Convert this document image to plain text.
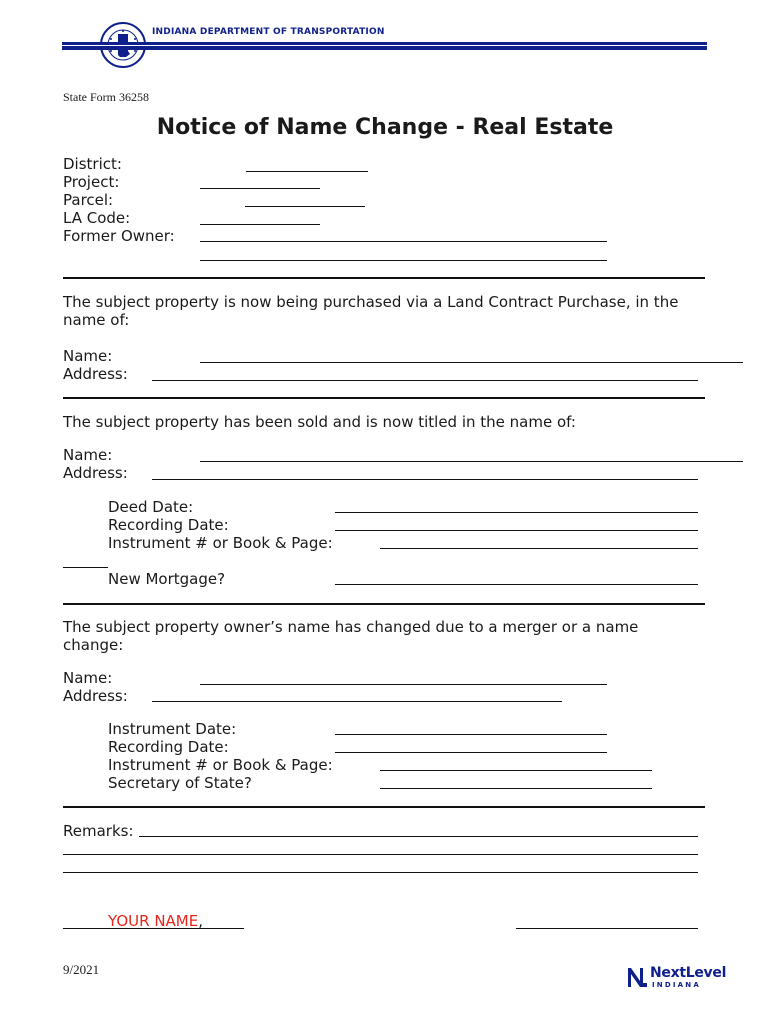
INDIANA DEPARTMENT OF TRANSPORTATION
State Form 36258
Notice of Name Change - Real Estate
District:
Project:
Parcel:
LA Code:
Former Owner:
The subject property is now being purchased via a Land Contract Purchase, in the
name of:
Name:
Address:
The subject property has been sold and is now titled in the name of:
Name:
Address:
Deed Date:
Recording Date:
Instrument # or Book & Page:
New Mortgage?
The subject property owner’s name has changed due to a merger or a name
change:
Name:
Address:
Instrument Date:
Recording Date:
Instrument # or Book & Page:
Secretary of State?
Remarks:
YOUR NAME,
9/2021	NextLevel
INDIANA
